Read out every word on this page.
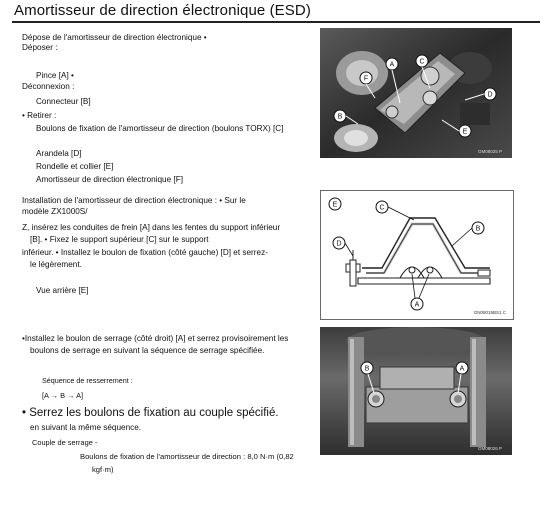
Amortisseur de direction électronique (ESD)
Dépose de l'amortisseur de direction électronique •
Déposer :
Pince [A] •
Déconnexion :
Connecteur [B]
• Retirer :
Boulons de fixation de l'amortisseur de direction (boulons TORX) [C]
Arandela [D]
Rondelle et collier [E]
Amortisseur de direction électronique [F]
Installation de l'amortisseur de direction électronique : • Sur le
modèle ZX1000S/
Z, insérez les conduites de frein [A] dans les fentes du support inférieur
[B]. • Fixez le support supérieur [C] sur le support
inférieur. • Installez le boulon de fixation (côté gauche) [D] et serrez-
le légèrement.
Vue arrière [E]
•Installez le boulon de serrage (côté droit) [A] et serrez provisoirement les
boulons de serrage en suivant la séquence de serrage spécifiée.
Séquence de resserrement :
[A → B → A]
• Serrez les boulons de fixation au couple spécifié.
en suivant la même séquence.
Couple de serrage -
Boulons de fixation de l'amortisseur de direction : 8,0 N·m (0,82
kgf·m)
A
B
C
D
E
F
GM08025 P
E	C
B
D
A
GN08019BS1 C
B	A
GM08026 P
